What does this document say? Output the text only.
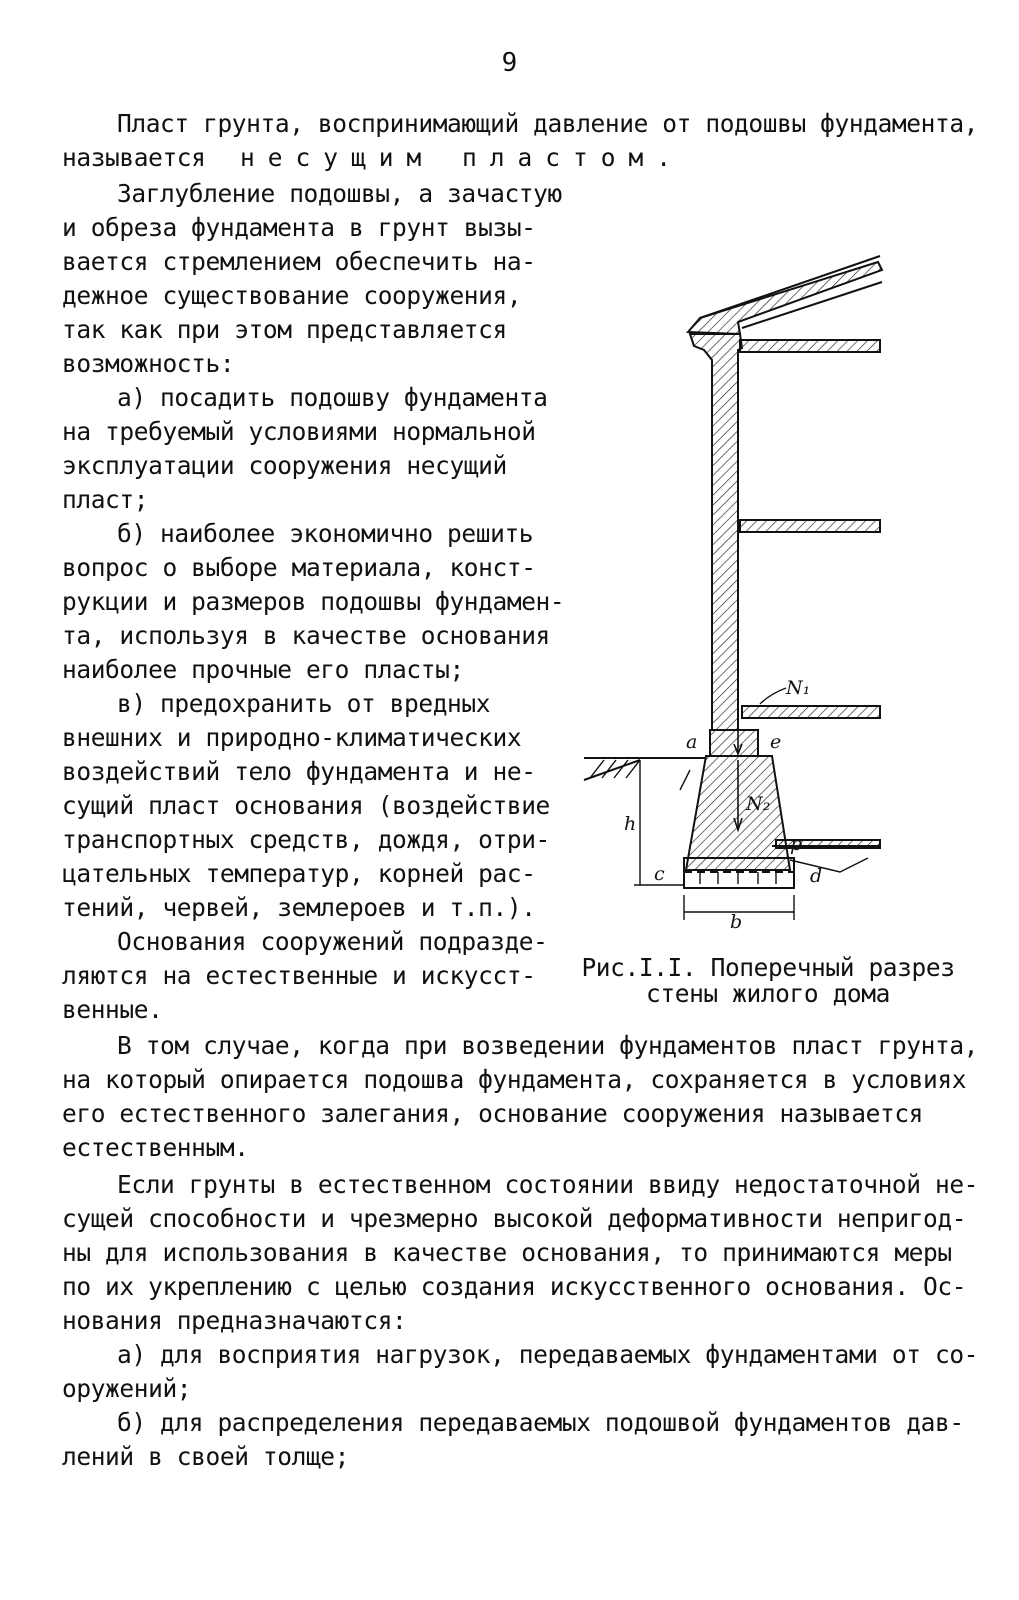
9
Пласт грунта, воспринимающий давление от подошвы фундамента,
называется несущим пластом.
Заглубление подошвы, а зачастую
и обреза фундамента в грунт вызы-
вается стремлением обеспечить на-
дежное существование сооружения,
так как при этом представляется
возможность:
а) посадить подошву фундамента
на требуемый условиями нормальной
эксплуатации сооружения несущий
пласт;
б) наиболее экономично решить
вопрос о выборе материала, конст-
рукции и размеров подошвы фундамен-
та, используя в качестве основания
наиболее прочные его пласты;
в) предохранить от вредных
внешних и природно-климатических
воздействий тело фундамента и не-
сущий пласт основания (воздействие
транспортных средств, дождя, отри-
цательных температур, корней рас-
тений, червей, землероев и т.п.).
Основания сооружений подразде-
ляются на естественные и искусст-
венные.
В том случае, когда при возведении фундаментов пласт грунта,
на который опирается подошва фундамента, сохраняется в условиях
его естественного залегания, основание сооружения называется
естественным.
Если грунты в естественном состоянии ввиду недостаточной не-
сущей способности и чрезмерно высокой деформативности непригод-
ны для использования в качестве основания, то принимаются меры
по их укреплению с целью создания искусственного основания. Ос-
нования предназначаются:
а) для восприятия нагрузок, передаваемых фундаментами от со-
оружений;
б) для распределения передаваемых подошвой фундаментов дав-
лений в своей толще;
N₁
N₂
а	е
h
с	d
р
b
Рис.І.І. Поперечный разрез
стены жилого дома
